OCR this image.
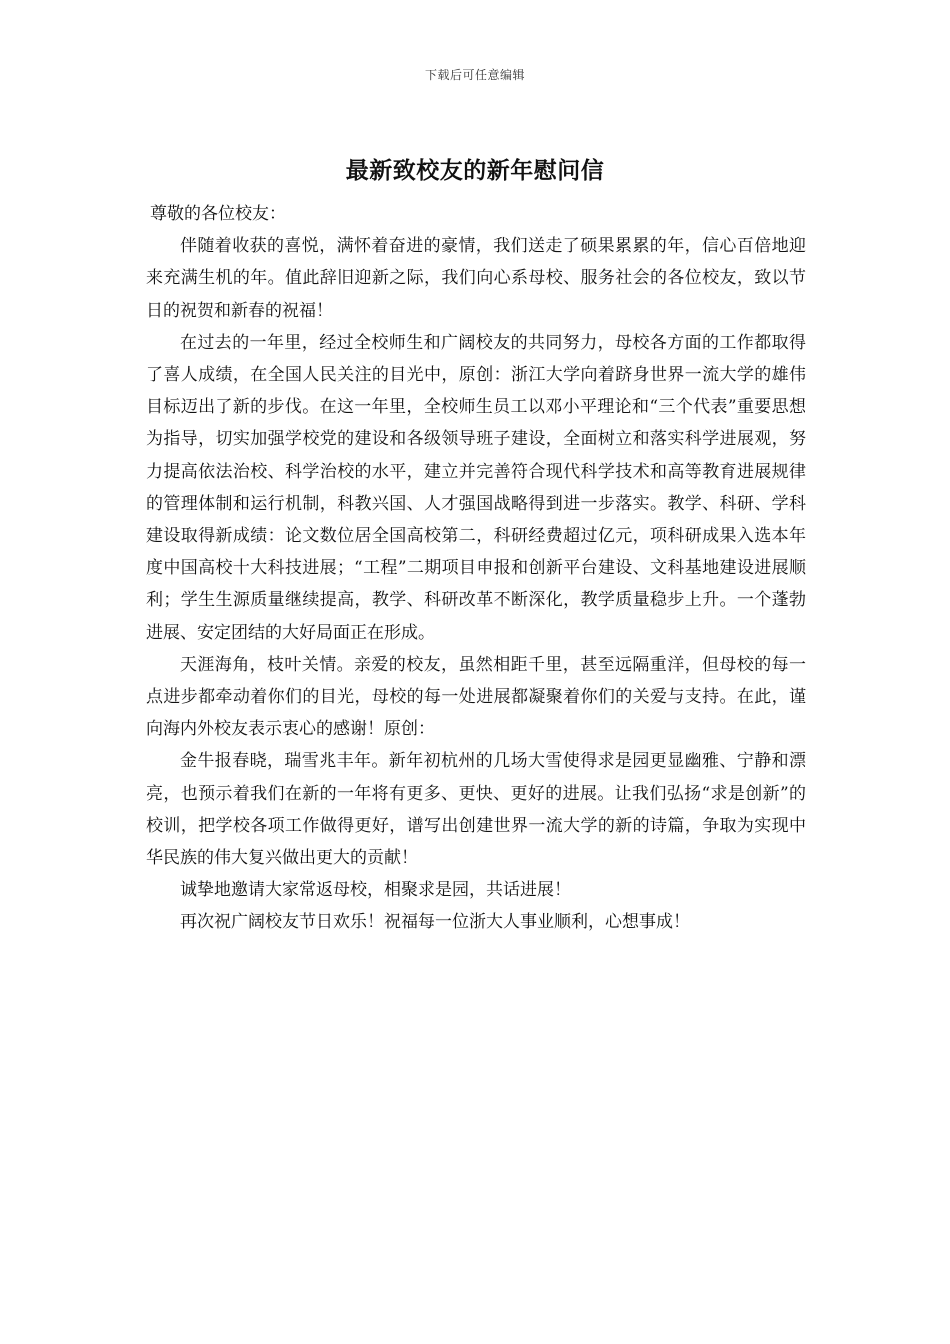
下载后可任意编辑
最新致校友的新年慰问信

尊敬的各位校友：

伴随着收获的喜悦，满怀着奋进的豪情，我们送走了硕果累累的年，信心百倍地迎来充满生机的年。值此辞旧迎新之际，我们向心系母校、服务社会的各位校友，致以节日的祝贺和新春的祝福！

在过去的一年里，经过全校师生和广阔校友的共同努力，母校各方面的工作都取得了喜人成绩，在全国人民关注的目光中，原创：浙江大学向着跻身世界一流大学的雄伟目标迈出了新的步伐。在这一年里，全校师生员工以邓小平理论和“三个代表”重要思想为指导，切实加强学校党的建设和各级领导班子建设，全面树立和落实科学进展观，努力提高依法治校、科学治校的水平，建立并完善符合现代科学技术和高等教育进展规律的管理体制和运行机制，科教兴国、人才强国战略得到进一步落实。教学、科研、学科建设取得新成绩：论文数位居全国高校第二，科研经费超过亿元，项科研成果入选本年度中国高校十大科技进展；“工程”二期项目申报和创新平台建设、文科基地建设进展顺利；学生生源质量继续提高，教学、科研改革不断深化，教学质量稳步上升。一个蓬勃进展、安定团结的大好局面正在形成。

天涯海角，枝叶关情。亲爱的校友，虽然相距千里，甚至远隔重洋，但母校的每一点进步都牵动着你们的目光，母校的每一处进展都凝聚着你们的关爱与支持。在此，谨向海内外校友表示衷心的感谢！原创：

金牛报春晓，瑞雪兆丰年。新年初杭州的几场大雪使得求是园更显幽雅、宁静和漂亮，也预示着我们在新的一年将有更多、更快、更好的进展。让我们弘扬“求是创新”的校训，把学校各项工作做得更好，谱写出创建世界一流大学的新的诗篇，争取为实现中华民族的伟大复兴做出更大的贡献！

诚挚地邀请大家常返母校，相聚求是园，共话进展！

再次祝广阔校友节日欢乐！祝福每一位浙大人事业顺利，心想事成！
